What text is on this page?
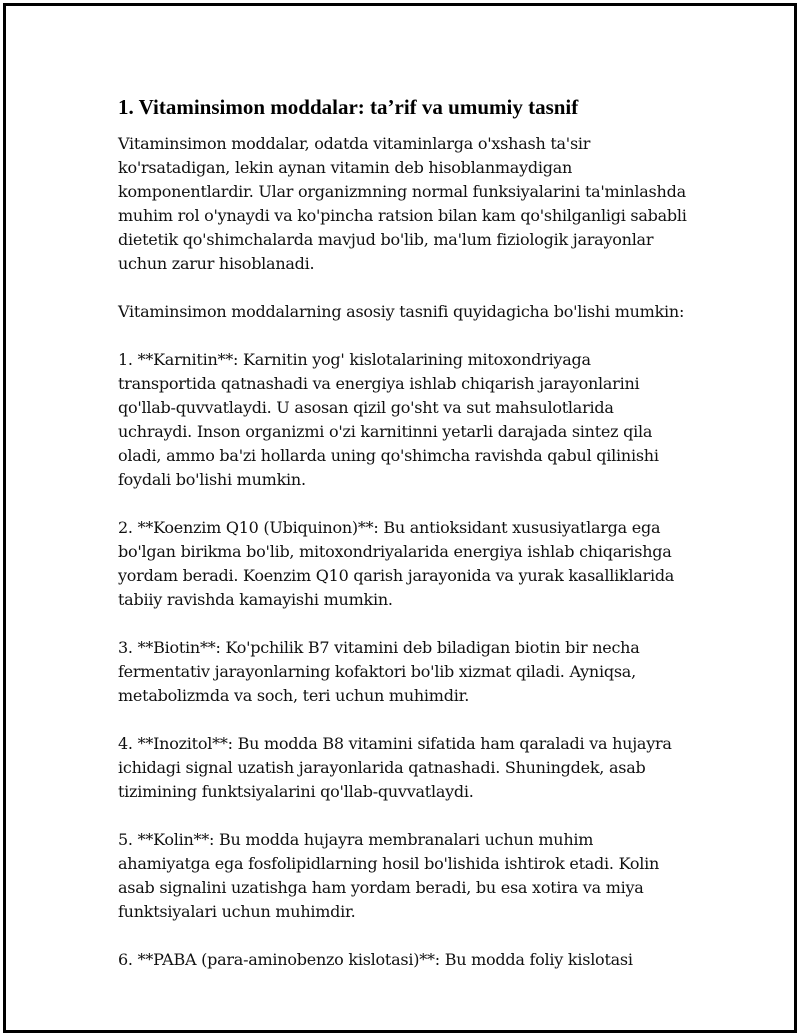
1. Vitaminsimon moddalar: ta’rif va umumiy tasnif

Vitaminsimon moddalar, odatda vitaminlarga o'xshash ta'sir ko'rsatadigan, lekin aynan vitamin deb hisoblanmaydigan komponentlardir. Ular organizmning normal funksiyalarini ta'minlashda muhim rol o'ynaydi va ko'pincha ratsion bilan kam qo'shilganligi sababli dietetik qo'shimchalarda mavjud bo'lib, ma'lum fiziologik jarayonlar uchun zarur hisoblanadi.

Vitaminsimon moddalarning asosiy tasnifi quyidagicha bo'lishi mumkin:

1. **Karnitin**: Karnitin yog' kislotalarining mitoxondriyaga transportida qatnashadi va energiya ishlab chiqarish jarayonlarini qo'llab-quvvatlaydi. U asosan qizil go'sht va sut mahsulotlarida uchraydi. Inson organizmi o'zi karnitinni yetarli darajada sintez qila oladi, ammo ba'zi hollarda uning qo'shimcha ravishda qabul qilinishi foydali bo'lishi mumkin.

2. **Koenzim Q10 (Ubiquinon)**: Bu antioksidant xususiyatlarga ega bo'lgan birikma bo'lib, mitoxondriyalarida energiya ishlab chiqarishga yordam beradi. Koenzim Q10 qarish jarayonida va yurak kasalliklarida tabiiy ravishda kamayishi mumkin.

3. **Biotin**: Ko'pchilik B7 vitamini deb biladigan biotin bir necha fermentativ jarayonlarning kofaktori bo'lib xizmat qiladi. Ayniqsa, metabolizmda va soch, teri uchun muhimdir.

4. **Inozitol**: Bu modda B8 vitamini sifatida ham qaraladi va hujayra ichidagi signal uzatish jarayonlarida qatnashadi. Shuningdek, asab tizimining funktsiyalarini qo'llab-quvvatlaydi.

5. **Kolin**: Bu modda hujayra membranalari uchun muhim ahamiyatga ega fosfolipidlarning hosil bo'lishida ishtirok etadi. Kolin asab signalini uzatishga ham yordam beradi, bu esa xotira va miya funktsiyalari uchun muhimdir.

6. **PABA (para-aminobenzo kislotasi)**: Bu modda foliy kislotasi
